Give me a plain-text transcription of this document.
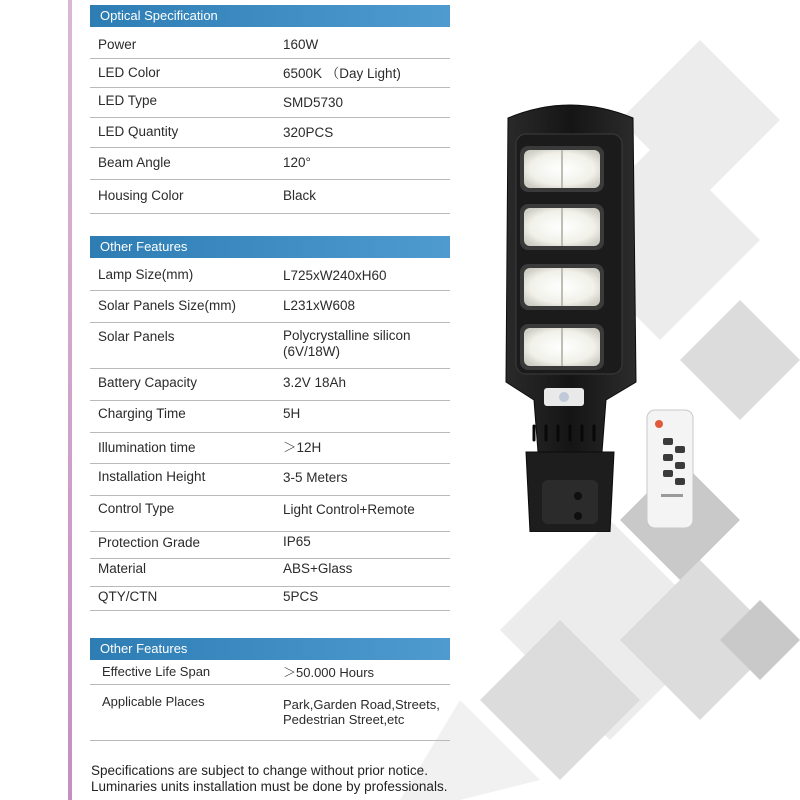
Optical Specification
Power	160W
LED Color	6500K （Day Light)
LED Type	SMD5730
LED Quantity	320PCS
Beam Angle	120°
Housing Color	Black
Other Features
Lamp Size(mm)	L725xW240xH60
Solar Panels Size(mm)	L231xW608
Solar Panels	Polycrystalline silicon
(6V/18W)
Battery Capacity	3.2V 18Ah
Charging Time	5H
Illumination time	＞12H
Installation Height	3-5 Meters
Control Type	Light Control+Remote
Protection Grade	IP65
Material	ABS+Glass
QTY/CTN	5PCS
Other Features
Effective Life Span	＞50.000 Hours
Applicable Places	Park,Garden Road,Streets,
Pedestrian Street,etc
Specifications are subject to change without prior notice.
Luminaries units installation must be done by professionals.
